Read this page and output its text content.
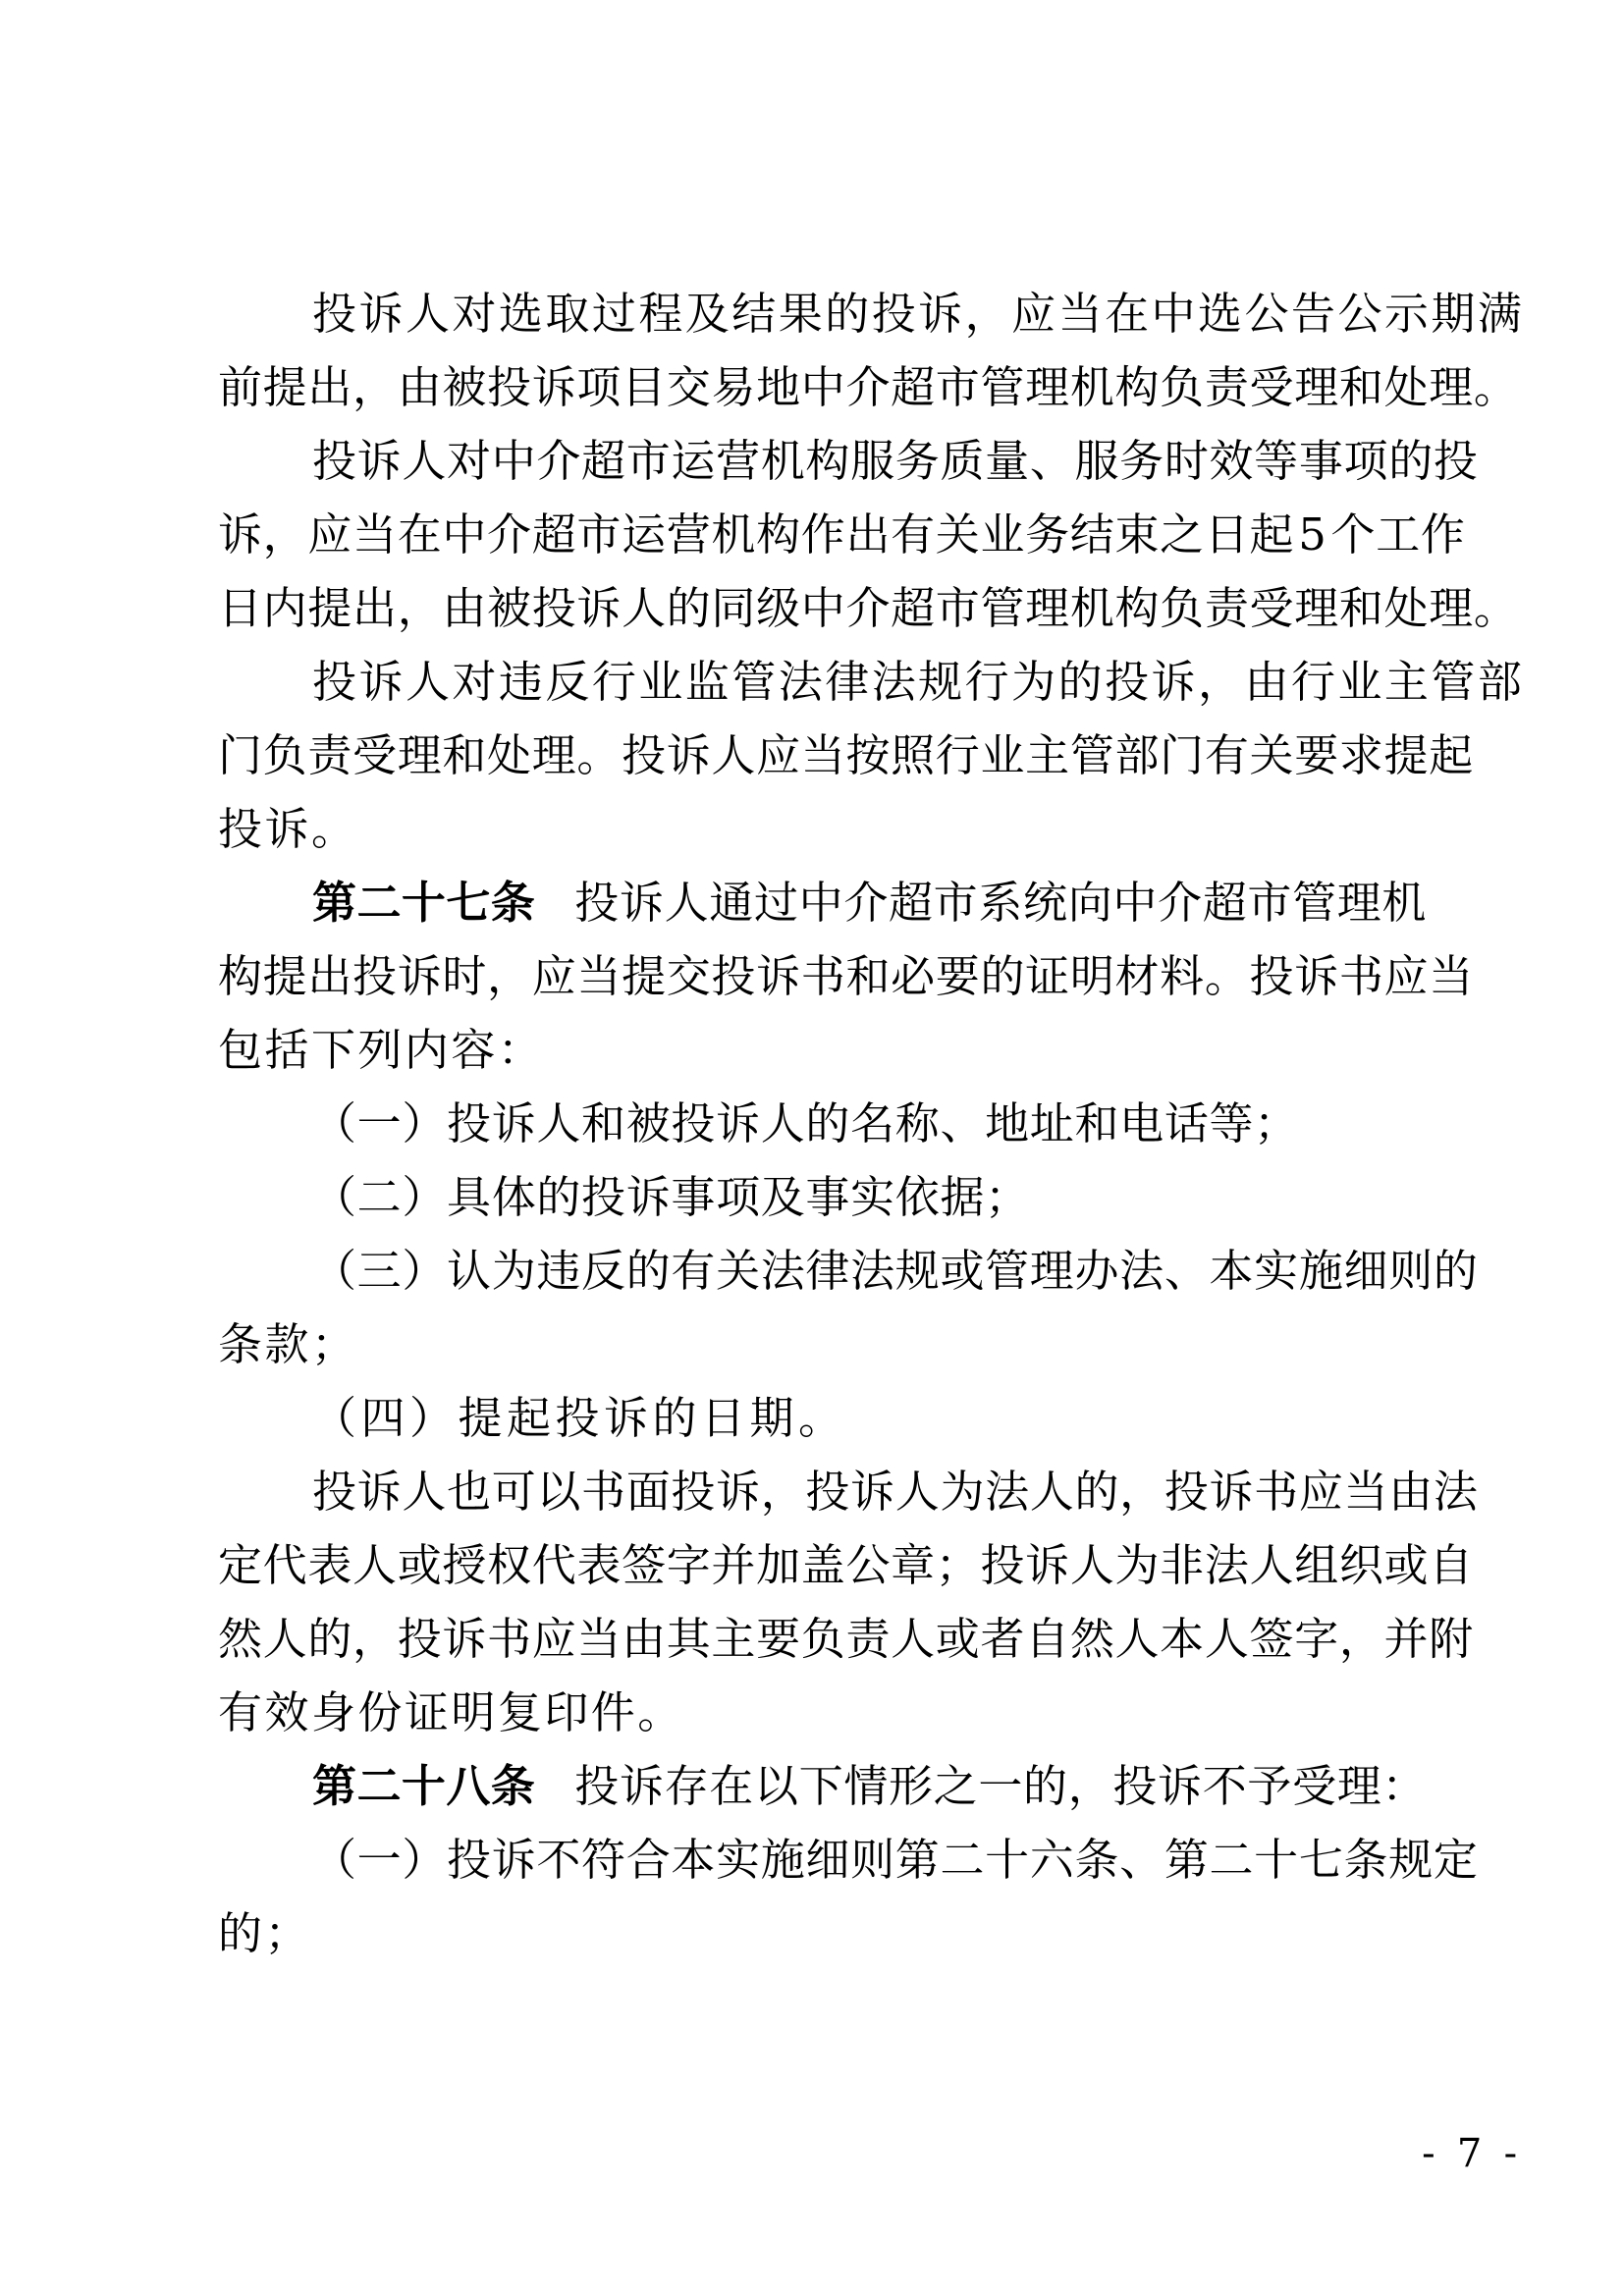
投诉人对选取过程及结果的投诉，应当在中选公告公示期满
前提出，由被投诉项目交易地中介超市管理机构负责受理和处理。
投诉人对中介超市运营机构服务质量、服务时效等事项的投
诉，应当在中介超市运营机构作出有关业务结束之日起5个工作
日内提出，由被投诉人的同级中介超市管理机构负责受理和处理。
投诉人对违反行业监管法律法规行为的投诉，由行业主管部
门负责受理和处理。投诉人应当按照行业主管部门有关要求提起
投诉。
第二十七条 投诉人通过中介超市系统向中介超市管理机
构提出投诉时，应当提交投诉书和必要的证明材料。投诉书应当
包括下列内容：
（一）投诉人和被投诉人的名称、地址和电话等；
（二）具体的投诉事项及事实依据；
（三）认为违反的有关法律法规或管理办法、本实施细则的
条款；
（四）提起投诉的日期。
投诉人也可以书面投诉，投诉人为法人的，投诉书应当由法
定代表人或授权代表签字并加盖公章；投诉人为非法人组织或自
然人的，投诉书应当由其主要负责人或者自然人本人签字，并附
有效身份证明复印件。
第二十八条 投诉存在以下情形之一的，投诉不予受理：
（一）投诉不符合本实施细则第二十六条、第二十七条规定
的；
- 7 -
